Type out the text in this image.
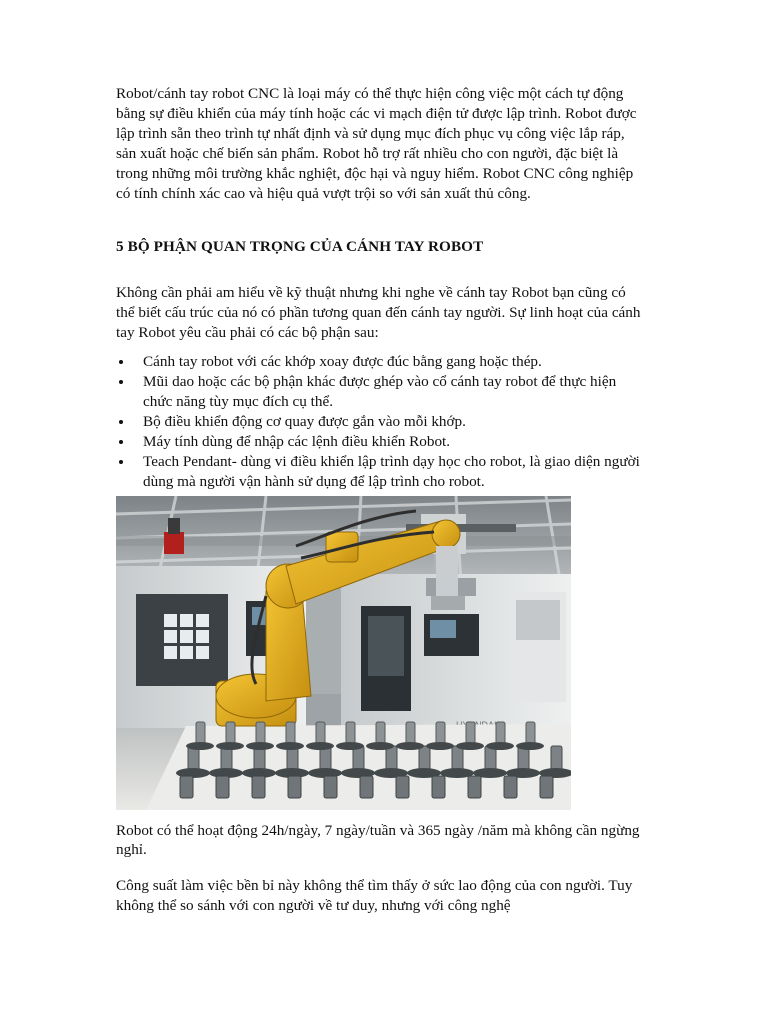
Robot/cánh tay robot CNC là loại máy có thể thực hiện công việc một cách tự động bằng sự điều khiển của máy tính hoặc các vi mạch điện tử được lập trình. Robot được lập trình sẵn theo trình tự nhất định và sử dụng mục đích phục vụ công việc lắp ráp, sản xuất hoặc chế biến sản phẩm. Robot hỗ trợ rất nhiều cho con người, đặc biệt là trong những môi trường khắc nghiệt, độc hại và nguy hiểm. Robot CNC công nghiệp có tính chính xác cao và hiệu quả vượt trội so với sản xuất thủ công.

5 BỘ PHẬN QUAN TRỌNG CỦA CÁNH TAY ROBOT

Không cần phải am hiểu về kỹ thuật nhưng khi nghe về cánh tay Robot bạn cũng có thể biết cấu trúc của nó có phần tương quan đến cánh tay người. Sự linh hoạt của cánh tay Robot yêu cầu phải có các bộ phận sau:

Cánh tay robot với các khớp xoay được đúc bằng gang hoặc thép.
Mũi dao hoặc các bộ phận khác được ghép vào cổ cánh tay robot để thực hiện chức năng tùy mục đích cụ thể.
Bộ điều khiển động cơ quay được gắn vào mỗi khớp.
Máy tính dùng để nhập các lệnh điều khiển Robot.
Teach Pendant- dùng vi điều khiển lập trình dạy học cho robot, là giao diện người dùng mà người vận hành sử dụng để lập trình cho robot.

Robot có thể hoạt động 24h/ngày, 7 ngày/tuần và 365 ngày /năm mà không cần ngừng nghỉ.

Công suất làm việc bền bỉ này không thể tìm thấy ở sức lao động của con người. Tuy không thể so sánh với con người về tư duy, nhưng với công nghệ
